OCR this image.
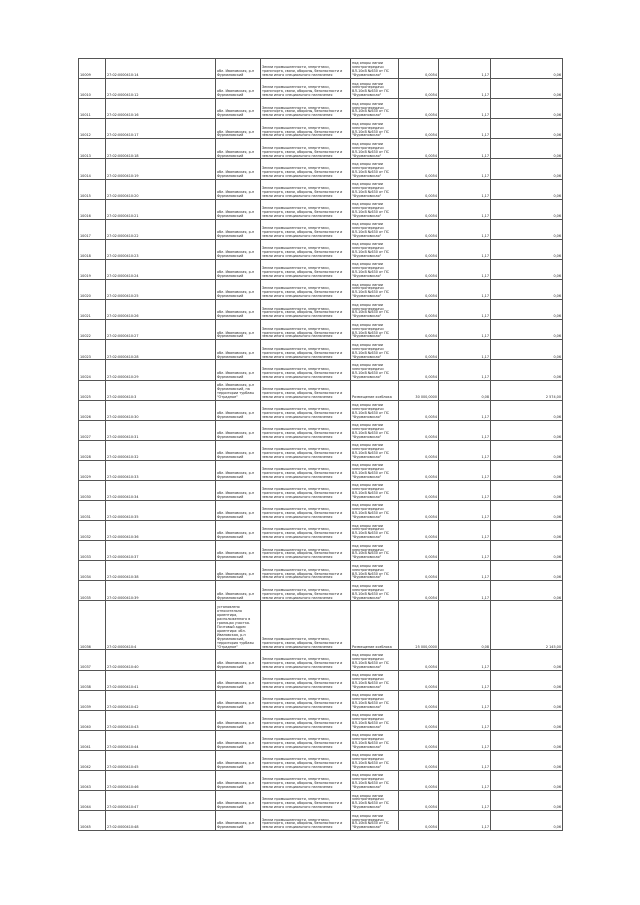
10009	27:02:0000410:14	обл. Ивановская, р-н Фурмановский	Земли промышленности, энергетики, транспорта, связи, обороны, безопасности и земли иного специального назначения	под опоры линии электропередачи ВЛ-10кВ №630 от ПС "Фурмановская"	0,0054	1,17	0,06
10010	27:02:0000410:12	обл. Ивановская, р-н Фурмановский	Земли промышленности, энергетики, транспорта, связи, обороны, безопасности и земли иного специального назначения	под опоры линии электропередачи ВЛ-10кВ №630 от ПС "Фурмановская"	0,0054	1,17	0,06
10011	27:02:0000410:16	обл. Ивановская, р-н Фурмановский	Земли промышленности, энергетики, транспорта, связи, обороны, безопасности и земли иного специального назначения	под опоры линии электропередачи ВЛ-10кВ №630 от ПС "Фурмановская"	0,0054	1,17	0,06
10012	27:02:0000410:17	обл. Ивановская, р-н Фурмановский	Земли промышленности, энергетики, транспорта, связи, обороны, безопасности и земли иного специального назначения	под опоры линии электропередачи ВЛ-10кВ №630 от ПС "Фурмановская"	0,0054	1,17	0,06
10013	27:02:0000410:18	обл. Ивановская, р-н Фурмановский	Земли промышленности, энергетики, транспорта, связи, обороны, безопасности и земли иного специального назначения	под опоры линии электропередачи ВЛ-10кВ №630 от ПС "Фурмановская"	0,0054	1,17	0,06
10014	27:02:0000410:19	обл. Ивановская, р-н Фурмановский	Земли промышленности, энергетики, транспорта, связи, обороны, безопасности и земли иного специального назначения	под опоры линии электропередачи ВЛ-10кВ №630 от ПС "Фурмановская"	0,0054	1,17	0,06
10015	27:02:0000410:20	обл. Ивановская, р-н Фурмановский	Земли промышленности, энергетики, транспорта, связи, обороны, безопасности и земли иного специального назначения	под опоры линии электропередачи ВЛ-10кВ №630 от ПС "Фурмановская"	0,0054	1,17	0,06
10016	27:02:0000410:21	обл. Ивановская, р-н Фурмановский	Земли промышленности, энергетики, транспорта, связи, обороны, безопасности и земли иного специального назначения	под опоры линии электропередачи ВЛ-10кВ №630 от ПС "Фурмановская"	0,0054	1,17	0,06
10017	27:02:0000410:22	обл. Ивановская, р-н Фурмановский	Земли промышленности, энергетики, транспорта, связи, обороны, безопасности и земли иного специального назначения	под опоры линии электропередачи ВЛ-10кВ №630 от ПС "Фурмановская"	0,0054	1,17	0,06
10018	27:02:0000410:23	обл. Ивановская, р-н Фурмановский	Земли промышленности, энергетики, транспорта, связи, обороны, безопасности и земли иного специального назначения	под опоры линии электропередачи ВЛ-10кВ №630 от ПС "Фурмановская"	0,0054	1,17	0,06
10019	27:02:0000410:24	обл. Ивановская, р-н Фурмановский	Земли промышленности, энергетики, транспорта, связи, обороны, безопасности и земли иного специального назначения	под опоры линии электропередачи ВЛ-10кВ №630 от ПС "Фурмановская"	0,0054	1,17	0,06
10020	27:02:0000410:25	обл. Ивановская, р-н Фурмановский	Земли промышленности, энергетики, транспорта, связи, обороны, безопасности и земли иного специального назначения	под опоры линии электропередачи ВЛ-10кВ №630 от ПС "Фурмановская"	0,0054	1,17	0,06
10021	27:02:0000410:26	обл. Ивановская, р-н Фурмановский	Земли промышленности, энергетики, транспорта, связи, обороны, безопасности и земли иного специального назначения	под опоры линии электропередачи ВЛ-10кВ №630 от ПС "Фурмановская"	0,0054	1,17	0,06
10022	27:02:0000410:27	обл. Ивановская, р-н Фурмановский	Земли промышленности, энергетики, транспорта, связи, обороны, безопасности и земли иного специального назначения	под опоры линии электропередачи ВЛ-10кВ №630 от ПС "Фурмановская"	0,0054	1,17	0,06
10023	27:02:0000410:28	обл. Ивановская, р-н Фурмановский	Земли промышленности, энергетики, транспорта, связи, обороны, безопасности и земли иного специального назначения	под опоры линии электропередачи ВЛ-10кВ №630 от ПС "Фурмановская"	0,0054	1,17	0,06
10024	27:02:0000410:29	обл. Ивановская, р-н Фурмановский	Земли промышленности, энергетики, транспорта, связи, обороны, безопасности и земли иного специального назначения	под опоры линии электропередачи ВЛ-10кВ №630 от ПС "Фурмановская"	0,0054	1,17	0,06
10025	27:02:0000410:3	обл. Ивановская, р-н Фурмановский, на территории турбазы "Отрадное"	Земли промышленности, энергетики, транспорта, связи, обороны, безопасности и земли иного специального назначения	Размещение хозблока	30 000,0000	0,08	2 574,00
10026	27:02:0000410:30	обл. Ивановская, р-н Фурмановский	Земли промышленности, энергетики, транспорта, связи, обороны, безопасности и земли иного специального назначения	под опоры линии электропередачи ВЛ-10кВ №630 от ПС "Фурмановская"	0,0054	1,17	0,06
10027	27:02:0000410:31	обл. Ивановская, р-н Фурмановский	Земли промышленности, энергетики, транспорта, связи, обороны, безопасности и земли иного специального назначения	под опоры линии электропередачи ВЛ-10кВ №630 от ПС "Фурмановская"	0,0054	1,17	0,06
10028	27:02:0000410:32	обл. Ивановская, р-н Фурмановский	Земли промышленности, энергетики, транспорта, связи, обороны, безопасности и земли иного специального назначения	под опоры линии электропередачи ВЛ-10кВ №630 от ПС "Фурмановская"	0,0054	1,17	0,06
10029	27:02:0000410:33	обл. Ивановская, р-н Фурмановский	Земли промышленности, энергетики, транспорта, связи, обороны, безопасности и земли иного специального назначения	под опоры линии электропередачи ВЛ-10кВ №630 от ПС "Фурмановская"	0,0054	1,17	0,06
10030	27:02:0000410:34	обл. Ивановская, р-н Фурмановский	Земли промышленности, энергетики, транспорта, связи, обороны, безопасности и земли иного специального назначения	под опоры линии электропередачи ВЛ-10кВ №630 от ПС "Фурмановская"	0,0054	1,17	0,06
10031	27:02:0000410:35	обл. Ивановская, р-н Фурмановский	Земли промышленности, энергетики, транспорта, связи, обороны, безопасности и земли иного специального назначения	под опоры линии электропередачи ВЛ-10кВ №630 от ПС "Фурмановская"	0,0054	1,17	0,06
10032	27:02:0000410:36	обл. Ивановская, р-н Фурмановский	Земли промышленности, энергетики, транспорта, связи, обороны, безопасности и земли иного специального назначения	под опоры линии электропередачи ВЛ-10кВ №630 от ПС "Фурмановская"	0,0054	1,17	0,06
10033	27:02:0000410:37	обл. Ивановская, р-н Фурмановский	Земли промышленности, энергетики, транспорта, связи, обороны, безопасности и земли иного специального назначения	под опоры линии электропередачи ВЛ-10кВ №630 от ПС "Фурмановская"	0,0054	1,17	0,06
10034	27:02:0000410:38	обл. Ивановская, р-н Фурмановский	Земли промышленности, энергетики, транспорта, связи, обороны, безопасности и земли иного специального назначения	под опоры линии электропередачи ВЛ-10кВ №630 от ПС "Фурмановская"	0,0054	1,17	0,06
10035	27:02:0000410:39	обл. Ивановская, р-н Фурмановский	Земли промышленности, энергетики, транспорта, связи, обороны, безопасности и земли иного специального назначения	под опоры линии электропередачи ВЛ-10кВ №630 от ПС "Фурмановская"	0,0054	1,17	0,06
10036	27:02:0000410:4	установлено относительно ориентира, расположенного в границах участка. Почтовый адрес ориентира: обл. Ивановская, р-н Фурмановский, территория турбазы "Отрадное"	Земли промышленности, энергетики, транспорта, связи, обороны, безопасности и земли иного специального назначения	Размещение хозблока	25 000,0000	0,08	2 145,00
10037	27:02:0000410:40	обл. Ивановская, р-н Фурмановский	Земли промышленности, энергетики, транспорта, связи, обороны, безопасности и земли иного специального назначения	под опоры линии электропередачи ВЛ-10кВ №630 от ПС "Фурмановская"	0,0054	1,17	0,06
10038	27:02:0000410:41	обл. Ивановская, р-н Фурмановский	Земли промышленности, энергетики, транспорта, связи, обороны, безопасности и земли иного специального назначения	под опоры линии электропередачи ВЛ-10кВ №630 от ПС "Фурмановская"	0,0054	1,17	0,06
10039	27:02:0000410:42	обл. Ивановская, р-н Фурмановский	Земли промышленности, энергетики, транспорта, связи, обороны, безопасности и земли иного специального назначения	под опоры линии электропередачи ВЛ-10кВ №630 от ПС "Фурмановская"	0,0054	1,17	0,06
10040	27:02:0000410:43	обл. Ивановская, р-н Фурмановский	Земли промышленности, энергетики, транспорта, связи, обороны, безопасности и земли иного специального назначения	под опоры линии электропередачи ВЛ-10кВ №630 от ПС "Фурмановская"	0,0054	1,17	0,06
10041	27:02:0000410:44	обл. Ивановская, р-н Фурмановский	Земли промышленности, энергетики, транспорта, связи, обороны, безопасности и земли иного специального назначения	под опоры линии электропередачи ВЛ-10кВ №630 от ПС "Фурмановская"	0,0054	1,17	0,06
10042	27:02:0000410:45	обл. Ивановская, р-н Фурмановский	Земли промышленности, энергетики, транспорта, связи, обороны, безопасности и земли иного специального назначения	под опоры линии электропередачи ВЛ-10кВ №630 от ПС "Фурмановская"	0,0054	1,17	0,06
10043	27:02:0000410:46	обл. Ивановская, р-н Фурмановский	Земли промышленности, энергетики, транспорта, связи, обороны, безопасности и земли иного специального назначения	под опоры линии электропередачи ВЛ-10кВ №630 от ПС "Фурмановская"	0,0054	1,17	0,06
10044	27:02:0000410:47	обл. Ивановская, р-н Фурмановский	Земли промышленности, энергетики, транспорта, связи, обороны, безопасности и земли иного специального назначения	под опоры линии электропередачи ВЛ-10кВ №630 от ПС "Фурмановская"	0,0054	1,17	0,06
10045	27:02:0000410:48	обл. Ивановская, р-н Фурмановский	Земли промышленности, энергетики, транспорта, связи, обороны, безопасности и земли иного специального назначения	под опоры линии электропередачи ВЛ-10кВ №630 от ПС "Фурмановская"	0,0054	1,17	0,06
